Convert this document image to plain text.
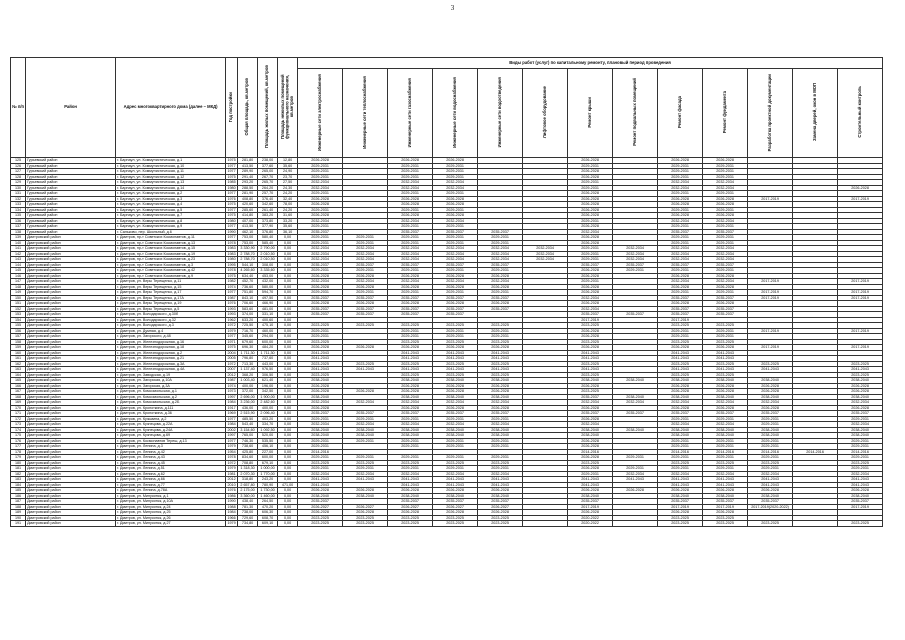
3
№ п/п	Район	Адрес многоквартирного дома (далее – МКД)	Год постройки	Общая площадь, кв.метров	Площадь жилых помещений, кв.метров	Площадь нежилых помещений функционального назначения, кв.метров	Виды работ (услуг) по капитальному ремонту, плановый период проведения												
							Инженерные сети электроснабжения	Инженерные сети теплоснабжения	Инженерные сети газоснабжения	Инженерные сети водоснабжения	Инженерные сети водоотведения	Лифтовое оборудование	Ремонт крыши	Ремонт подвальных помещений	Ремонт фасада	Ремонт фундамента	Разработка проектной документации	Замена дверей, окон в МОП	Строительный контроль
125	Гурьевский район	г. Барнаул, ул. Коммунистическая, д.1	1975	281,80	238,00	12,80	2026-2028		2026-2028	2026-2028			2026-2028		2026-2028	2026-2028			
126	Гурьевский район	г. Барнаул, ул. Коммунистическая, д.10	1977	413,50	377,60	35,60	2029-2031		2029-2031	2029-2031			2029-2031		2029-2031	2029-2031			
127	Гурьевский район	г. Барнаул, ул. Коммунистическая, д.11	1977	289,90	265,00	24,90	2029-2031		2029-2031	2029-2031			2026-2028		2029-2031	2029-2031			
128	Гурьевский район	г. Барнаул, ул. Коммунистическая, д.12	1975	291,40	267,70	23,70	2029-2031		2029-2031	2029-2031			2026-2028		2029-2031	2029-2031			
129	Гурьевский район	г. Барнаул, ул. Коммунистическая, д.13	1985	293,20	265,70	27,50	2032-2034		2032-2034	2032-2034			2029-2031		2032-2034	2032-2034			
130	Гурьевский район	г. Барнаул, ул. Коммунистическая, д.14	1980	288,50	264,20	24,30	2032-2034		2032-2034	2032-2034			2029-2031		2032-2034	2032-2034			2026-2028
131	Гурьевский район	г. Барнаул, ул. Коммунистическая, д.2	1977	281,90	257,70	24,20	2029-2031		2029-2031	2029-2031			2026-2028		2029-2031	2029-2031			
132	Гурьевский район	г. Барнаул, ул. Коммунистическая, д.3	1976	408,80	376,40	32,40	2026-2028		2026-2028	2026-2028			2026-2028		2026-2028	2026-2028	2017-2019		2017-2019
133	Гурьевский район	г. Барнаул, ул. Коммунистическая, д.4	1975	420,60	342,60	78,00	2026-2028		2026-2028	2026-2028			2026-2028		2026-2028	2026-2028			
134	Гурьевский район	г. Барнаул, ул. Коммунистическая, д.5	1977	285,60	261,40	24,20	2029-2031		2029-2031	2029-2031			2026-2028		2029-2031	2029-2031			
135	Гурьевский район	г. Барнаул, ул. Коммунистическая, д.7	1975	414,80	383,20	31,60	2026-2028		2026-2028	2026-2028			2026-2028		2026-2028	2026-2028			
136	Гурьевский район	г. Барнаул, ул. Коммунистическая, д.8	1980	407,00	373,80	33,20	2032-2034		2032-2034	2032-2034			2029-2031		2032-2034	2032-2034			
137	Гурьевский район	г. Барнаул, ул. Коммунистическая, д.9	1977	413,50	377,90	35,60	2029-2031		2029-2031	2029-2031			2026-2028		2029-2031	2029-2031			
138	Гурьевский район	г. Сальково, пер. Школьный, д.6	1990	462,10	376,80	36,10	2035-2037		2035-2037	2035-2037	2035-2037		2032-2034		2035-2037	2035-2037			
139	Дмитровский район	г. Дмитров, пр-т Советских Космонавтов, д.11	1977	753,00	580,40	0,00	2029-2031	2029-2031	2029-2031	2029-2031	2029-2031		2026-2028		2029-2031	2029-2031			
140	Дмитровский район	г. Дмитров, пр-т Советских Космонавтов, д.13	1978	753,00	585,40	0,00	2029-2031	2029-2031	2029-2031	2029-2031	2029-2031		2026-2028		2029-2031	2029-2031			
141	Дмитровский район	г. Дмитров, пр-т Советских Космонавтов, д.15	1983	3 330,90	2 790,00	0,00	2032-2034	2032-2034	2032-2034	2032-2034	2032-2034	2032-2034	2029-2031	2032-2034	2032-2034	2032-2034			
142	Дмитровский район	г. Дмитров, пр-т Советских Космонавтов, д.19	1983	2 788,70	2 010,50	0,00	2032-2034	2032-2034	2032-2034	2032-2034	2032-2034	2032-2034	2029-2031	2032-2034	2032-2034	2032-2034			
143	Дмитровский район	г. Дмитров, пр-т Советских Космонавтов, д.23	1980	2 788,70	2 010,50	0,00	2032-2034	2032-2034	2032-2034	2032-2034	2032-2034	2032-2034	2029-2031	2032-2034	2032-2034	2032-2034			
144	Дмитровский район	г. Дмитров, пр-т Советских Космонавтов, д.3	1995	544,10	308,00	0,00	2035-2037	2035-2037	2035-2037	2035-2037	2035-2037		2035-2037	2035-2037	2035-2037	2035-2037			
145	Дмитровский район	г. Дмитров, пр-т Советских Космонавтов, д.42	1978	4 265,60	3 335,60	0,00	2029-2031	2029-2031	2029-2031	2029-2031	2029-2031		2026-2028	2029-2031	2029-2031	2029-2031			
146	Дмитровский район	г. Дмитров, пр-т Советских Космонавтов, д.9	1975	634,40	453,00	0,00	2026-2028	2026-2028	2026-2028	2026-2028	2026-2028		2026-2028		2026-2028	2026-2028			
147	Дмитровский район	г. Дмитров, ул. Веры Терещенко, д.11	1982	452,70	432,00	0,00	2032-2034	2032-2034	2032-2034	2032-2034	2032-2034		2029-2031		2032-2034	2032-2034	2017-2019		2017-2019
148	Дмитровский район	г. Дмитров, ул. Веры Терещенко, д.15	1974	736,60	580,00	0,00	2026-2028	2026-2028	2026-2028	2026-2028	2026-2028		2026-2028		2026-2028	2026-2028			
149	Дмитровский район	г. Дмитров, ул. Веры Терещенко, д.17	1977	751,80	594,70	0,00	2029-2031	2029-2031	2029-2031	2029-2031	2029-2031		2026-2028		2029-2031	2029-2031	2017-2019		2017-2019
150	Дмитровский район	г. Дмитров, ул. Веры Терещенко, д.17А	1987	843,10	497,50	0,00	2035-2037	2035-2037	2035-2037	2035-2037	2035-2037		2032-2034		2035-2037	2035-2037	2017-2019		2017-2019
151	Дмитровский район	г. Дмитров, ул. Веры Терещенко, д.19	1976	706,60	466,90	0,00	2026-2028	2026-2028	2026-2028	2026-2028	2026-2028		2026-2028		2026-2028	2026-2028			
152	Дмитровский район	г. Дмитров, ул. Веры Терещенко, д.5	1993	583,60	481,00	0,00	2035-2037	2035-2037	2035-2037	2035-2037	2035-2037		2032-2034		2035-2037	2035-2037			
153	Дмитровский район	г. Дмитров, ул. Володарского, д.30б	1993	374,00	331,10	0,00	2035-2037	2035-2037	2035-2037	2035-2037			2035-2037	2035-2037	2035-2037	2035-2037			
154	Дмитровский район	г. Дмитров, ул. Володарского, д.32	1962	633,20	400,60	0,00							2017-2019		2017-2019				
155	Дмитровский район	г. Дмитров, ул. Володарского, д.3	1972	725,50	475,10	0,00	2023-2025	2023-2025	2023-2025	2023-2025	2023-2025		2023-2025		2023-2025	2023-2025			
156	Дмитровский район	г. Дмитров, ул. Думная, д.4	1979	716,70	460,00	0,00	2029-2031		2029-2031	2029-2031	2029-2031		2026-2028		2029-2031	2029-2031	2017-2019		2017-2019
157	Дмитровский район	г. Дмитров, ул. Загорского, д.48	1977	345,60	294,00	0,00	2029-2031		2029-2031	2029-2031	2029-2031		2026-2028		2029-2031	2029-2031			
158	Дмитровский район	г. Дмитров, ул. Железнодорожная, д.16	1971	679,60	600,00	0,00	2023-2025		2023-2025	2023-2025	2023-2025		2023-2025		2023-2025	2023-2025			
159	Дмитровский район	г. Дмитров, ул. Железнодорожная, д.18	1975	696,30	484,20	0,00	2026-2028	2026-2028	2026-2028	2026-2028	2026-2028		2026-2028		2026-2028	2026-2028	2017-2019		2017-2019
160	Дмитровский район	г. Дмитров, ул. Железнодорожная, д.2	2004	1 711,30	1 711,30	0,00	2041-2043		2041-2043	2041-2043	2041-2043		2041-2043		2041-2043	2041-2043			
161	Дмитровский район	г. Дмитров, ул. Железнодорожная, д.21	2005	796,80	737,60	0,00	2041-2043		2041-2043	2041-2043	2041-2043		2041-2043		2041-2043	2041-2043			
162	Дмитровский район	г. Дмитров, ул. Железнодорожная, д.3А	1972	713,30	443,00	0,00	2023-2025	2023-2025	2023-2025	2023-2025	2023-2025		2023-2025		2023-2025	2023-2025	2023-2025		2023-2025
163	Дмитровский район	г. Дмитров, ул. Железнодорожная, д.4А	2007	1 137,40	976,50	0,00	2041-2043	2041-2043	2041-2043	2041-2043	2041-2043		2041-2043		2041-2043	2041-2043	2041-2043		2041-2043
164	Дмитровский район	г. Дмитров, ул. Заводская, д.19	2012	368,20	306,50	0,00	2023-2025		2023-2025	2023-2025	2023-2025		2023-2025		2023-2025	2023-2025			2023-2025
165	Дмитровский район	г. Дмитров, ул. Загорская, д.10А	1987	1 003,40	621,40	0,00	2038-2040		2038-2040	2038-2040	2038-2040		2038-2040	2038-2040	2038-2040	2038-2040	2038-2040		2038-2040
166	Дмитровский район	г. Дмитров, ул. Загорская, д.3А	1974	400,00	196,00	0,00	2026-2028		2026-2028	2026-2028	2026-2028		2026-2028		2026-2028	2026-2028	2026-2028		2026-2028
167	Дмитровский район	г. Дмитров, ул. Комсомольская, д.1	1973	372,00	342,50	0,00	2026-2028	2026-2028	2026-2028	2026-2028	2026-2028		2023-2025		2026-2028	2026-2028	2026-2028		2026-2028
168	Дмитровский район	г. Дмитров, ул. Комсомольская, д.2	1997	2 696,00	1 900,00	0,00	2038-2040		2038-2040	2038-2040	2038-2040		2035-2037	2038-2040	2038-2040	2038-2040	2038-2040		2038-2040
169	Дмитровский район	г. Дмитров, ул. Комсомольская, д.2Б	1984	3 236,00	2 482,60	0,00	2032-2034	2032-2034	2032-2034	2032-2034	2032-2034		2032-2034	2032-2034	2032-2034	2032-2034	2032-2034		2032-2034
170	Дмитровский район	г. Дмитров, ул. Кропоткина, д.111	1917	436,00	400,00	0,00	2026-2028		2026-2028	2026-2028	2026-2028		2026-2028		2026-2028	2026-2028	2026-2028		2026-2028
171	Дмитровский район	г. Дмитров, ул. Кропоткина, д.36	1969	2 515,90	2 096,40	0,00	2035-2037	2035-2037	2035-2037	2035-2037	2035-2037		2035-2037	2035-2037	2035-2037	2035-2037	2035-2037		2035-2037
172	Дмитровский район	г. Дмитров, ул. Кузьмина, д.2	1977	485,50	403,20	0,00	2029-2031	2029-2031	2029-2031	2029-2031	2029-2031		2026-2028		2029-2031	2029-2031	2029-2031		2029-2031
173	Дмитровский район	г. Дмитров, ул. Кузнецова, д.22А	1984	543,40	334,70	0,00	2032-2034	2032-2034	2032-2034	2032-2034	2032-2034		2032-2034		2032-2034	2032-2034	2029-2031		2032-2034
174	Дмитровский район	г. Дмитров, ул. Кузнецова, д.24А	2002	3 154,60	1 092,50	0,00	2038-2040	2038-2040	2038-2040	2038-2040	2038-2040		2038-2040	2038-2040	2038-2040	2038-2040	2038-2040		2038-2040
175	Дмитровский район	г. Дмитров, ул. Кузнецова, д.69	1997	765,00	520,00	0,00	2038-2040	2038-2040	2038-2040	2038-2040	2038-2040		2038-2040		2038-2040	2038-2040	2038-2040		2038-2040
176	Дмитровский район	г. Дмитров, ул. Космонавтов Тереш, д.13	1977	746,30	535,50	0,00	2029-2031	2029-2031	2029-2031	2029-2031	2029-2031		2026-2028		2029-2031	2029-2031	2029-2031		2029-2031
177	Дмитровский район	г. Дмитров, ул. Ленина, д.3	1979	738,60	456,10	0,00	2029-2031		2029-2031	2029-2031	2029-2031		2026-2028		2029-2031	2029-2031	2029-2031		2029-2031
178	Дмитровский район	г. Дмитров, ул. Ленина, д.42	1954	425,80	227,00	0,00	2014-2016						2014-2016		2014-2016	2014-2016	2014-2016	2014-2016	2014-2016
179	Дмитровский район	г. Дмитров, ул. Ленина, д.43	1978	834,60	600,00	0,00	2029-2031	2029-2031	2029-2031	2029-2031	2029-2031		2026-2028	2029-2031	2029-2031	2029-2031	2029-2031		2029-2031
180	Дмитровский район	г. Дмитров, ул. Ленина, д.45	1972	708,80	679,10	0,00	2023-2025	2023-2025	2023-2025	2023-2025	2023-2025		2023-2025		2023-2025	2023-2025	2023-2025		2023-2025
181	Дмитровский район	г. Дмитров, ул. Ленина, д.51	1979	1 318,30	1 000,00	0,00	2029-2031	2029-2031	2029-2031	2029-2031	2029-2031		2026-2028	2029-2031	2029-2031	2029-2031	2029-2031		2029-2031
182	Дмитровский район	г. Дмитров, ул. Ленина, д.62	1981	2 070,30	1 770,00	0,00	2032-2034	2032-2034	2032-2034	2032-2034	2032-2034		2029-2031	2032-2034	2032-2034	2032-2034	2032-2034		2032-2034
183	Дмитровский район	г. Дмитров, ул. Ленина, д.66	2012	318,80	243,20	0,00	2041-2043	2041-2043	2041-2043	2041-2043	2041-2043		2041-2043	2041-2043	2041-2043	2041-2043	2041-2043		2041-2043
184	Дмитровский район	г. Дмитров, ул. Ленина, д.77	2010	2 657,80	780,90	471,00	2041-2043		2041-2043	2041-2043	2041-2043		2041-2043		2041-2043	2041-2043	2041-2043		2041-2043
185	Дмитровский район	г. Дмитров, ул. Ленина, д.78А	1976	2 175,00	1 730,00	0,00	2026-2028	2026-2028	2026-2028	2026-2028	2026-2028		2026-2028	2026-2028	2026-2028	2026-2028	2026-2028		2026-2028
186	Дмитровский район	г. Дмитров, ул. Минусинск, д.1	1986	3 360,00	1 460,00	0,00	2038-2040	2038-2040	2038-2040	2038-2040	2038-2040		2038-2040		2038-2040	2038-2040	2038-2040		2038-2040
187	Дмитровский район	г. Дмитров, ул. Минусинск, д.10А	1990	438,40	264,50	0,00	2035-2037		2035-2037	2035-2037	2035-2037		2035-2037		2035-2037	2035-2037	2035-2037		2035-2037
188	Дмитровский район	г. Дмитров, ул. Минусинск, д.24	1988	781,30	470,20	0,00	2026-2027	2026-2027	2026-2027	2026-2027	2026-2027		2017-2019		2017-2019	2017-2019	2017-2019(2020-2022)		2017-2019
189	Дмитровский район	г. Дмитров, ул. Минусинск, д.25	1984	738,00	606,30	0,00	2026-2028	2026-2028	2026-2028	2026-2028	2026-2028		2026-2028		2026-2028	2026-2028			
190	Дмитровский район	г. Дмитров, ул. Минусинск, д.26	1966	729,60	608,70	0,00	2023-2025	2023-2025	2023-2025	2023-2025	2023-2025		2020-2022		2023-2025	2023-2025			
191	Дмитровский район	г. Дмитров, ул. Минусинск, д.27	1979	734,80	609,10	0,00	2023-2025	2023-2025	2023-2025	2023-2025	2023-2025		2020-2022		2023-2025	2023-2025	2023-2025		2023-2025
